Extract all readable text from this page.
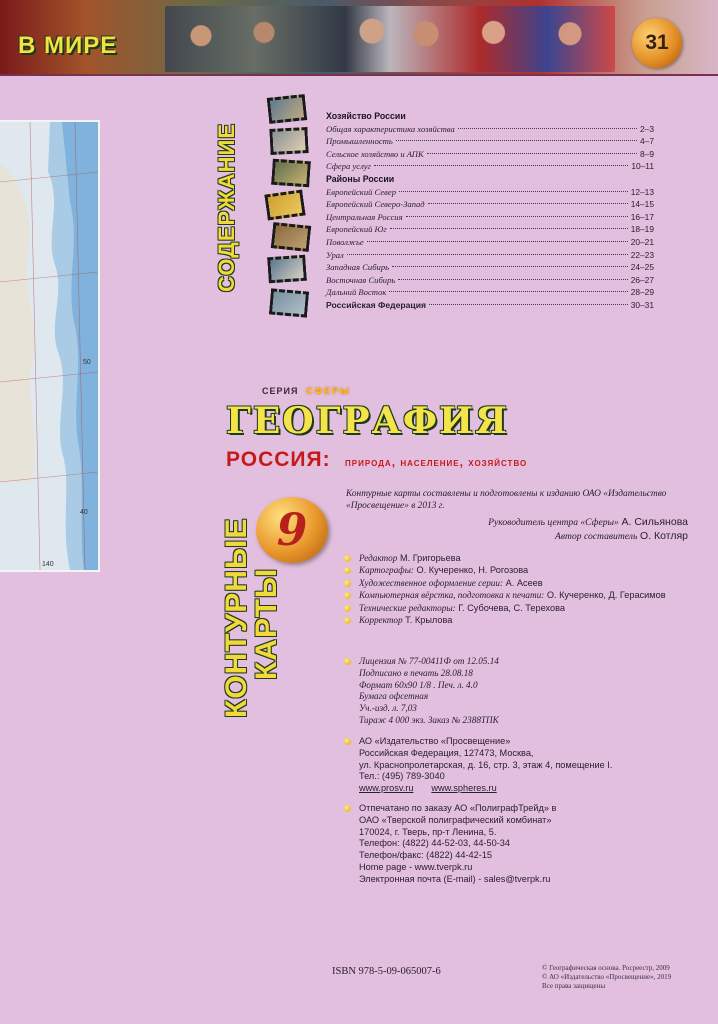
В МИРЕ	31
140
40
50
СОДЕРЖАНИЕ
Хозяйство России
Общая характеристика хозяйства	2–3
Промышленность	4–7
Сельское хозяйство и АПК	8–9
Сфера услуг	10–11
Районы России
Европейский Север	12–13
Европейский Северо-Запад	14–15
Центральная Россия	16–17
Европейский Юг	18–19
Поволжье	20–21
Урал	22–23
Западная Сибирь	24–25
Восточная Сибирь	26–27
Дальний Восток	28–29
Российская Федерация	30–31
СЕРИЯ СФЕРЫ
ГЕОГРАФИЯ
РОССИЯ: природа, население, хозяйство
9
КОНТУРНЫЕ
КАРТЫ
Контурные карты составлены и подготовлены к изданию ОАО «Издательство «Просвещение» в 2013 г.
Руководитель центра «Сферы» А. Сильянова
Автор составитель О. Котляр
Редактор М. Григорьева
Картографы: О. Кучеренко, Н. Рогозова
Художественное оформление серии: А. Асеев
Компьютерная вёрстка, подготовка к печати: О. Кучеренко, Д. Герасимов
Технические редакторы: Г. Субочева, С. Терехова
Корректор Т. Крылова
Лицензия № 77-00411Ф от 12.05.14
Подписано в печать 28.08.18
Формат 60х90 1/8 . Печ. л. 4.0
Бумага офсетная
Уч.-изд. л. 7,03
Тираж 4 000 экз. Заказ № 2388ТПК
АО «Издательство «Просвещение»
Российская Федерация, 127473, Москва,
ул. Краснопролетарская, д. 16, стр. 3, этаж 4, помещение I.
Тел.: (495) 789-3040
www.prosv.ru www.spheres.ru
Отпечатано по заказу АО «ПолиграфТрейд» в
ОАО «Тверской полиграфический комбинат»
170024, г. Тверь, пр-т Ленина, 5.
Телефон: (4822) 44-52-03, 44-50-34
Телефон/факс: (4822) 44-42-15
Home page - www.tverpk.ru
Электронная почта (E-mail) - sales@tverpk.ru
ISBN 978-5-09-065007-6	© Географическая основа. Росреестр, 2009
© АО «Издательство «Просвещение», 2019
Все права защищены
